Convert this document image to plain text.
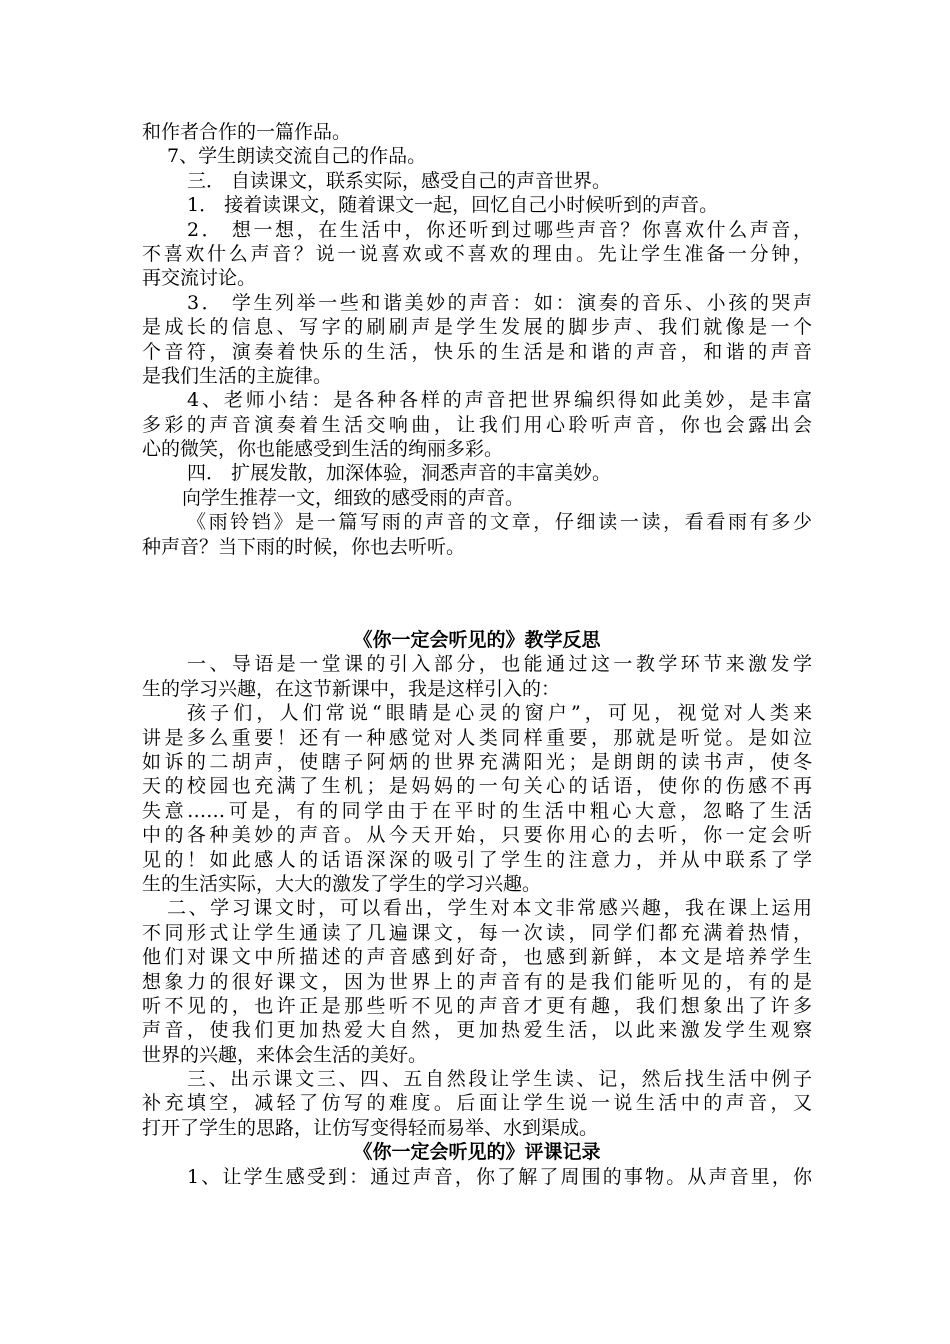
和作者合作的一篇作品。
7、学生朗读交流自己的作品。
三． 自读课文，联系实际，感受自己的声音世界。
1． 接着读课文，随着课文一起，回忆自己小时候听到的声音。
2． 想一想，在生活中，你还听到过哪些声音？你喜欢什么声音，
不喜欢什么声音？说一说喜欢或不喜欢的理由。先让学生准备一分钟，
再交流讨论。
3． 学生列举一些和谐美妙的声音：如：演奏的音乐、小孩的哭声
是成长的信息、写字的刷刷声是学生发展的脚步声、我们就像是一个
个音符，演奏着快乐的生活，快乐的生活是和谐的声音，和谐的声音
是我们生活的主旋律。
4、老师小结：是各种各样的声音把世界编织得如此美妙，是丰富
多彩的声音演奏着生活交响曲，让我们用心聆听声音，你也会露出会
心的微笑，你也能感受到生活的绚丽多彩。
四． 扩展发散，加深体验，洞悉声音的丰富美妙。
向学生推荐一文，细致的感受雨的声音。
《雨铃铛》是一篇写雨的声音的文章，仔细读一读，看看雨有多少
种声音？当下雨的时候，你也去听听。
《你一定会听见的》教学反思
一、导语是一堂课的引入部分，也能通过这一教学环节来激发学
生的学习兴趣，在这节新课中，我是这样引入的：
孩子们，人们常说“眼睛是心灵的窗户”，可见，视觉对人类来
讲是多么重要！还有一种感觉对人类同样重要，那就是听觉。是如泣
如诉的二胡声，使瞎子阿炳的世界充满阳光；是朗朗的读书声，使冬
天的校园也充满了生机；是妈妈的一句关心的话语，使你的伤感不再
失意……可是，有的同学由于在平时的生活中粗心大意，忽略了生活
中的各种美妙的声音。从今天开始，只要你用心的去听，你一定会听
见的！如此感人的话语深深的吸引了学生的注意力，并从中联系了学
生的生活实际，大大的激发了学生的学习兴趣。
二、学习课文时，可以看出，学生对本文非常感兴趣，我在课上运用
不同形式让学生通读了几遍课文，每一次读，同学们都充满着热情，
他们对课文中所描述的声音感到好奇，也感到新鲜，本文是培养学生
想象力的很好课文，因为世界上的声音有的是我们能听见的，有的是
听不见的，也许正是那些听不见的声音才更有趣，我们想象出了许多
声音，使我们更加热爱大自然，更加热爱生活，以此来激发学生观察
世界的兴趣，来体会生活的美好。
三、出示课文三、四、五自然段让学生读、记，然后找生活中例子
补充填空，减轻了仿写的难度。后面让学生说一说生活中的声音，又
打开了学生的思路，让仿写变得轻而易举、水到渠成。
《你一定会听见的》评课记录
1、让学生感受到：通过声音，你了解了周围的事物。从声音里，你
